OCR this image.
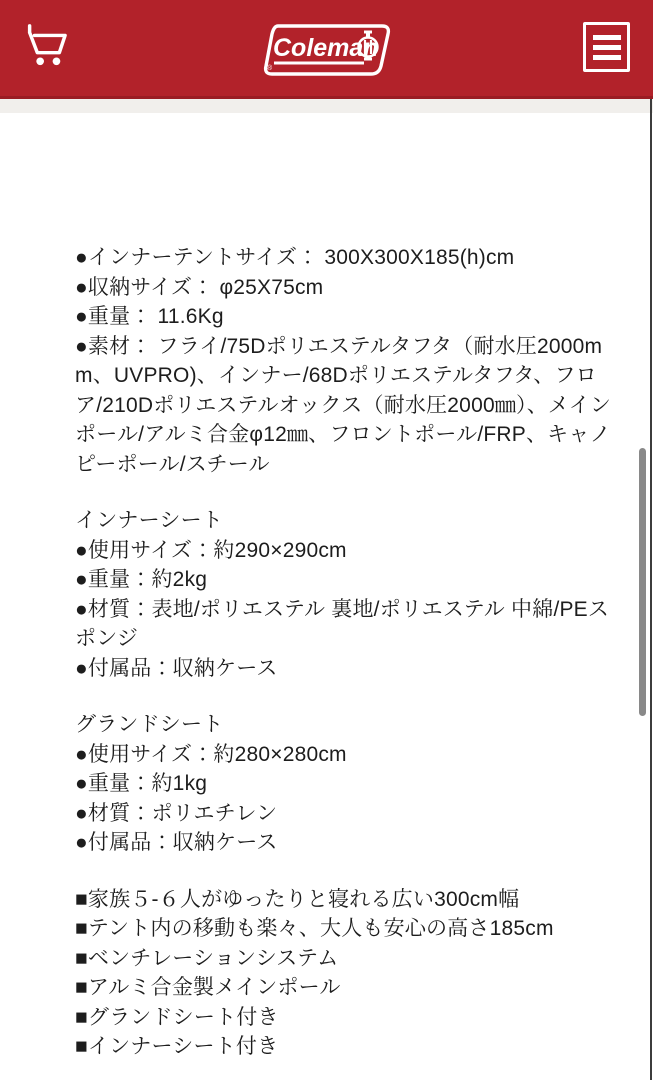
Coleman
®
●インナーテントサイズ： 300X300X185(h)cm
●収納サイズ： φ25X75cm
●重量： 11.6Kg
●素材： フライ/75Dポリエステルタフタ（耐水圧2000m
m、UVPRO)、インナー/68Dポリエステルタフタ、フロ
ア/210Dポリエステルオックス（耐水圧2000㎜）、メイン
ポール/アルミ合金φ12㎜、フロントポール/FRP、キャノ
ピーポール/スチール
インナーシート
●使用サイズ：約290×290cm
●重量：約2kg
●材質：表地/ポリエステル 裏地/ポリエステル 中綿/PEス
ポンジ
●付属品：収納ケース
グランドシート
●使用サイズ：約280×280cm
●重量：約1kg
●材質：ポリエチレン
●付属品：収納ケース
■家族５-６人がゆったりと寝れる広い300cm幅
■テント内の移動も楽々、大人も安心の高さ185cm
■ベンチレーションシステム
■アルミ合金製メインポール
■グランドシート付き
■インナーシート付き
